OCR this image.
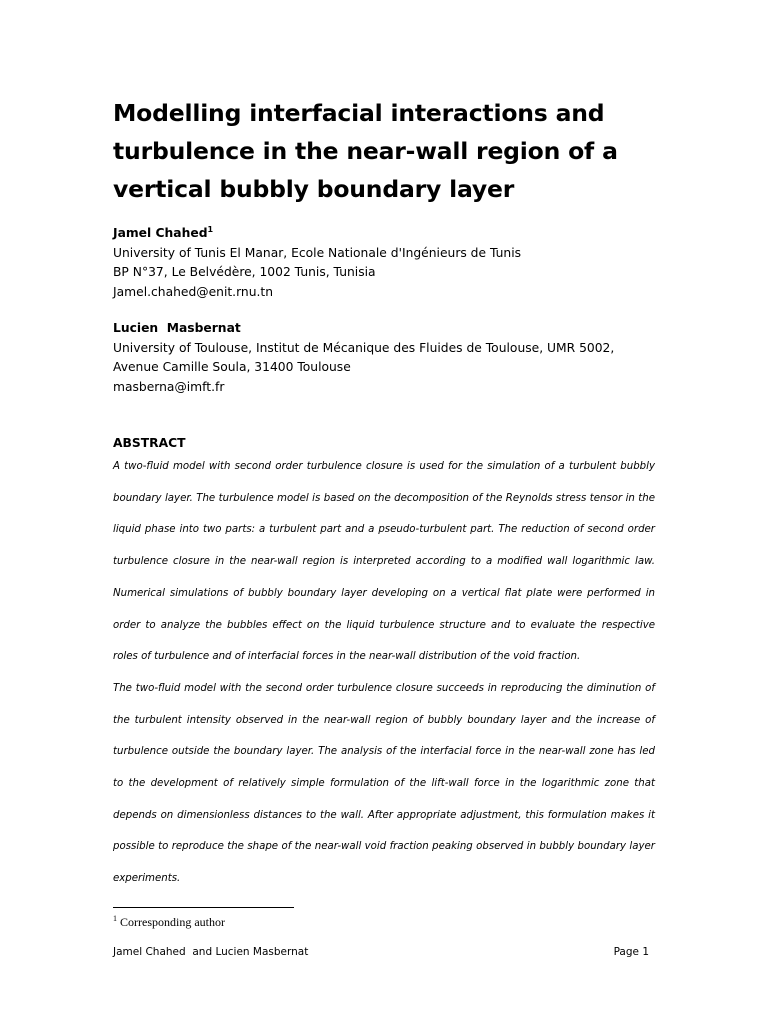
Modelling interfacial interactions and turbulence in the near-wall region of a vertical bubbly boundary layer
Jamel Chahed$^1$
University of Tunis El Manar, Ecole Nationale d'Ingénieurs de Tunis
BP N°37, Le Belvédère, 1002 Tunis, Tunisia
Jamel.chahed@enit.rnu.tn
Lucien  Masbernat
University of Toulouse, Institut de Mécanique des Fluides de Toulouse, UMR 5002,
Avenue Camille Soula, 31400 Toulouse
masberna@imft.fr
ABSTRACT

A two-fluid model with second order turbulence closure is used for the simulation of a turbulent bubbly boundary layer. The turbulence model is based on the decomposition of the Reynolds stress tensor in the liquid phase into two parts: a turbulent part and a pseudo-turbulent part. The reduction of second order turbulence closure in the near-wall region is interpreted according to a modified wall logarithmic law. Numerical simulations of bubbly boundary layer developing on a vertical flat plate were performed in order to analyze the bubbles effect on the liquid turbulence structure and to evaluate the respective roles of turbulence and of interfacial forces in the near-wall distribution of the void fraction.

The two-fluid model with the second order turbulence closure succeeds in reproducing the diminution of the turbulent intensity observed in the near-wall region of bubbly boundary layer and the increase of turbulence outside the boundary layer. The analysis of the interfacial force in the near-wall zone has led to the development of relatively simple formulation of the lift-wall force in the logarithmic zone that depends on dimensionless distances to the wall. After appropriate adjustment, this formulation makes it possible to reproduce the shape of the near-wall void fraction peaking observed in bubbly boundary layer experiments.

$^1$ Corresponding author
Jamel Chahed  and Lucien Masbernat	Page 1
